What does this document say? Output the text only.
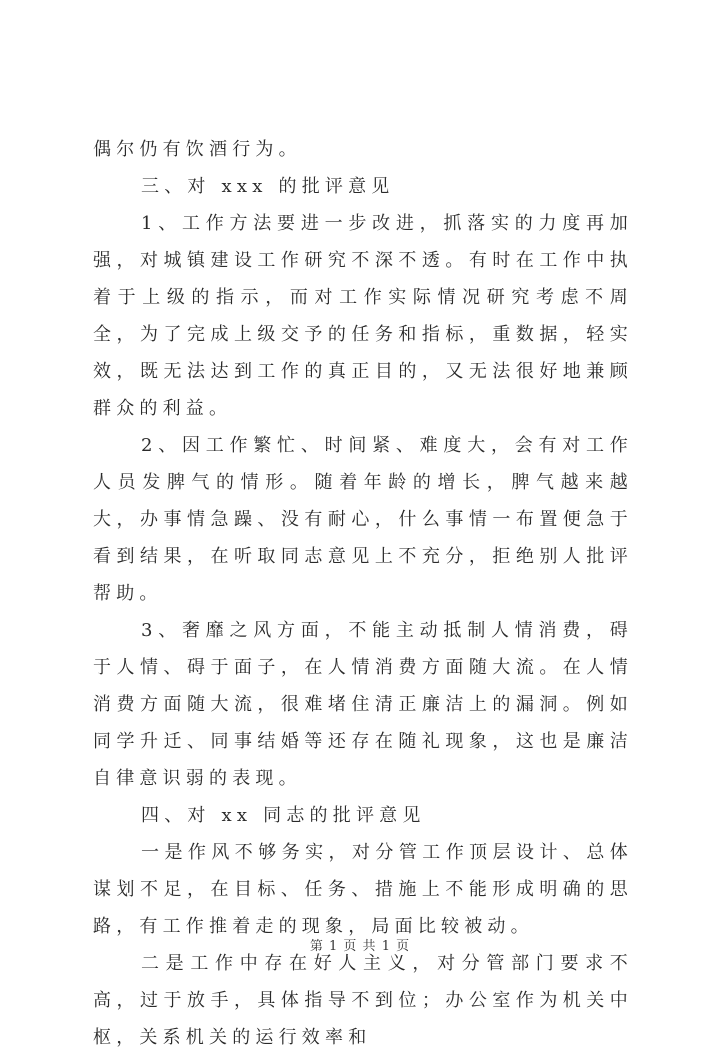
偶尔仍有饮酒行为。

三、对 xxx 的批评意见

1、工作方法要进一步改进，抓落实的力度再加强，对城镇建设工作研究不深不透。有时在工作中执着于上级的指示，而对工作实际情况研究考虑不周全，为了完成上级交予的任务和指标，重数据，轻实效，既无法达到工作的真正目的，又无法很好地兼顾群众的利益。

2、因工作繁忙、时间紧、难度大，会有对工作人员发脾气的情形。随着年龄的增长，脾气越来越大，办事情急躁、没有耐心，什么事情一布置便急于看到结果，在听取同志意见上不充分，拒绝别人批评帮助。

3、奢靡之风方面，不能主动抵制人情消费，碍于人情、碍于面子，在人情消费方面随大流。在人情消费方面随大流，很难堵住清正廉洁上的漏洞。例如同学升迁、同事结婚等还存在随礼现象，这也是廉洁自律意识弱的表现。

四、对 xx 同志的批评意见

一是作风不够务实，对分管工作顶层设计、总体谋划不足，在目标、任务、措施上不能形成明确的思路，有工作推着走的现象，局面比较被动。

二是工作中存在好人主义，对分管部门要求不高，过于放手，具体指导不到位；办公室作为机关中枢，关系机关的运行效率和

第 1 页 共 1 页
